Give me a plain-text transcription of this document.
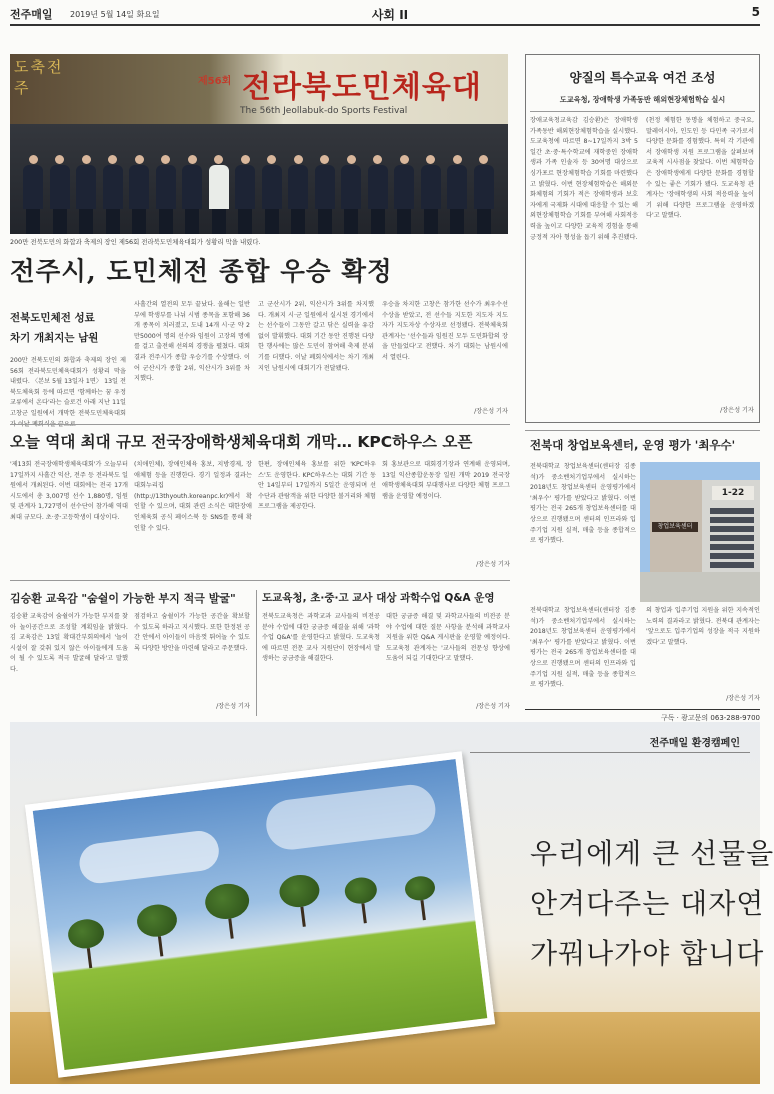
전주매일 2019년 5월 14일 화요일	사회 II	5
도축전주	제56회 전라북도민체육대
The 56th Jeollabuk-do Sports Festival
200만 전북도민의 화합과 축제의 장인 제56회 전라북도민체육대회가 성황리 막을 내렸다.
전주시, 도민체전 종합 우승 확정
전북도민체전 성료
차기 개최지는 남원
200만 전북도민의 화합과 축제의 장인 제56회 전라북도민체육대회가 성황리 막을 내렸다. 〈본보 5월 13일자 1면〉 13일 전북도체육회 등에 따르면 '함께하는 꿈 우정 교류에서 온다'라는 슬로건 아래 지난 11일 고창군 일원에서 개막한 전북도민체육대회
사흘간의 열전의 모두 끝났다. 올해는 일반부에 학생부를 나뉘 시범 종목을 포함해 36개 종목이 치러졌고, 도내 14개 시·군 약 2만5000여 명의 선수와 임원이 고장의 명예를 걸고 출전해 선의의 경쟁을 펼쳤다. 대회 결과 전주시가 종합 우승기를 수상했다. 이어 군산시가 종합 2위, 익산시가 3위를 차지했다.
고 군산시가 2위, 익산시가 3위를 차지했다. 개최지 시·군 일원에서 실시된 경기에서는 선수들이 그동안 갈고 닦은 실력을 유감없이 발휘했다. 대회 기간 동안 진행된 다양한 행사에는 많은 도민이 참여해 축제 분위기를 더했다. 이날 폐회식에서는 차기 개최지인 남원시에 대회기가 전달됐다.
우승을 차지한 고창은 참가한 선수가 최우수선수상을 받았고, 전 선수들 지도한 지도자 지도자가 지도자상 수상자로 선정됐다. 전북체육회 관계자는 '선수들과 임원진 모두 도민화합의 장을 만들었다'고 전했다. 차기 대회는 남원시에서 열린다.
/장은성 기자
양질의 특수교육 여건 조성
도교육청, 장애학생 가족동반 해외현장체험학습 실시
장애교육청교육감 김승환)은 장애학생 가족동반 해외현장체험학습을 실시했다. 도교육청에 따르면 8~17일까지 3박 5일간 초·중·특수학교에 재학중인 장애학생과 가족 인솔자 등 30여명 대상으로 싱가포르 현장체험학습 기회를 마련했다고 밝혔다. 이번 현장체험학습은 해외문화체험의 기회가 적은 장애학생과 보호자에게 국제화 시대에 대응할 수 있는 해외현장체험학습 기회를 부여해 사회적응력을 높이고 다양한 교육적 경험을 통해 긍정적 자아 형성을 돕기 위해 추진됐다.
(천정 체험한 동명을 체험하고 중국요, 말레이시아, 인도인 등 다민족 국가로서 다양한 문화를 경험했다. 특히 각 기관에서 장애학생 지원 프로그램을 살펴보며 교육적 시사점을 찾았다. 이번 체험학습은 장애학생에게 다양한 문화를 경험할 수 있는 좋은 기회가 됐다. 도교육청 관계자는 '장애학생의 사회 적응력을 높이기 위해 다양한 프로그램을 운영하겠다'고 말했다.
/장은성 기자
오늘 역대 최대 규모 전국장애학생체육대회 개막… KPC하우스 오픈
'제13회 전국장애학생체육대회'가 오늘부터 17일까지 사흘간 익산, 전주 등 전라북도 일원에서 개최된다. 이번 대회에는 전국 17개 시도에서 총 3,007명 선수 1,880명, 임원 및 관계자 1,727명이 선수단이 참가해 역대 최대 규모다. 초·중·고등학생이 대상이다.
(치애인체), 장애인체육 홍보, 지방경제, 장애체험 등을 진행한다. 경기 일정과 결과는 대회누리집(http://13thyouth.koreanpc.kr)에서 확인할 수 있으며, 대회 관련 소식은 대한장애인체육회 공식 페이스북 등 SNS를 통해 확인할 수 있다.
한편, 장애인체육 홍보를 위한 'KPC하우스'도 운영한다. KPC하우스는 대회 기간 동안 14일부터 17일까지 5일간 운영되며 선수단과 관람객을 위한 다양한 볼거리와 체험 프로그램을 제공한다.
회 홍보관으로 대회경기장과 연계해 운영되며, 13일 익산종합운동장 일원 개막 2019 전국장애학생체육대회 부대행사로 다양한 체험 프로그램을 운영할 예정이다.
/장은성 기자
전북대 창업보육센터, 운영 평가 '최우수'
전북대학교 창업보육센터(센터장 김종석)가 중소벤처기업부에서 실시하는 2018년도 창업보육센터 운영평가에서 '최우수' 평가를 받았다고 밝혔다. 이번 평가는 전국 265개 창업보육센터를 대상으로 진행됐으며 센터의 인프라와 입주기업 지원 실적, 매출 등을 종합적으로 평가했다.
1-22
창업보육센터
전북대학교 창업보육센터(센터장 김종석)가 중소벤처기업부에서 실시하는 2018년도 창업보육센터 운영평가에서 '최우수' 평가를 받았다고 밝혔다. 이번 평가는 전국 265개 창업보육센터를 대상으로 진행됐으며 센터의 인프라와 입주기업 지원 실적, 매출 등을 종합적으로 평가했다.
의 창업과 입주기업 지원을 위한 지속적인 노력의 결과라고 밝혔다. 전북대 관계자는 '앞으로도 입주기업의 성장을 적극 지원하겠다'고 말했다.
/장은성 기자
구독 · 광고문의 063-288-9700
김승환 교육감 "숨쉴이 가능한 부지 적극 발굴"
김승환 교육감이 숨쉴이가 가능한 부지를 찾아 놀이공간으로 조성할 계획임을 밝혔다. 김 교육감은 13일 확대간부회의에서 '놀이시설이 잘 갖춰 있지 않은 아이들에게 도움이 될 수 있도록 적극 발굴해 달라'고 말했다.
점검하고 숨쉴이가 가능한 공간을 확보할 수 있도록 하라고 지시했다. 또한 한정된 공간 안에서 아이들이 마음껏 뛰어놀 수 있도록 다양한 방안을 마련해 달라고 주문했다.
/장은성 기자
도교육청, 초·중·고 교사 대상 과학수업 Q&A 운영
전북도교육청은 과학교과 교사들의 비전공분야 수업에 대한 궁금증 해결을 위해 '과학수업 Q&A'를 운영한다고 밝혔다. 도교육청에 따르면 전문 교사 지원단이 현장에서 발생하는 궁금증을 해결한다.
대한 궁금증 해결 및 과학교사들의 비전공 분야 수업에 대한 질문 사항을 분석해 과학교사지원을 위한 Q&A 게시판을 운영할 예정이다. 도교육청 관계자는 '교사들의 전문성 향상에 도움이 되길 기대한다'고 말했다.
/장은성 기자
전주매일 환경캠페인
우리에게 큰 선물을
안겨다주는 대자연
가꿔나가야 합니다
